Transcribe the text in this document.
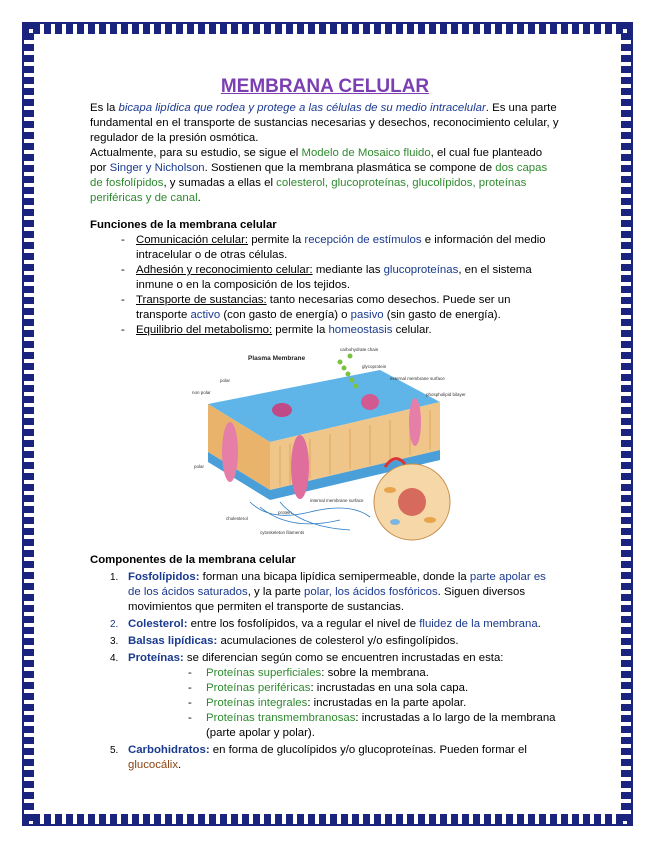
MEMBRANA CELULAR

Es la bicapa lipídica que rodea y protege a las células de su medio intracelular. Es una parte fundamental en el transporte de sustancias necesarias y desechos, reconocimiento celular, y regulador de la presión osmótica.

Actualmente, para su estudio, se sigue el Modelo de Mosaico fluido, el cual fue planteado por Singer y Nicholson. Sostienen que la membrana plasmática se compone de dos capas de fosfolípidos, y sumadas a ellas el colesterol, glucoproteínas, glucolípidos, proteínas periféricas y de canal.

Funciones de la membrana celular
- Comunicación celular: permite la recepción de estímulos e información del medio intracelular o de otras células.
- Adhesión y reconocimiento celular: mediante las glucoproteínas, en el sistema inmune o en la composición de los tejidos.
- Transporte de sustancias: tanto necesarias como desechos. Puede ser un transporte activo (con gasto de energía) o pasivo (sin gasto de energía).
- Equilibrio del metabolismo: permite la homeostasis celular.
Plasma Membrane
carbohydrate chain
glycoprotein
external membrane surface
phospholipid bilayer
polar
non polar
polar
internal membrane surface
protein
cholesterol
cytoskeleton filaments
Componentes de la membrana celular
1. Fosfolípidos: forman una bicapa lipídica semipermeable, donde la parte apolar es de los ácidos saturados, y la parte polar, los ácidos fosfóricos. Siguen diversos movimientos que permiten el transporte de sustancias.
2. Colesterol: entre los fosfolípidos, va a regular el nivel de fluidez de la membrana.
3. Balsas lipídicas: acumulaciones de colesterol y/o esfingolípidos.
4. Proteínas: se diferencian según como se encuentren incrustadas en esta:
- Proteínas superficiales: sobre la membrana.
- Proteínas periféricas: incrustadas en una sola capa.
- Proteínas integrales: incrustadas en la parte apolar.
- Proteínas transmembranosas: incrustadas a lo largo de la membrana (parte apolar y polar).
5. Carbohidratos: en forma de glucolípidos y/o glucoproteínas. Pueden formar el glucocálix.
